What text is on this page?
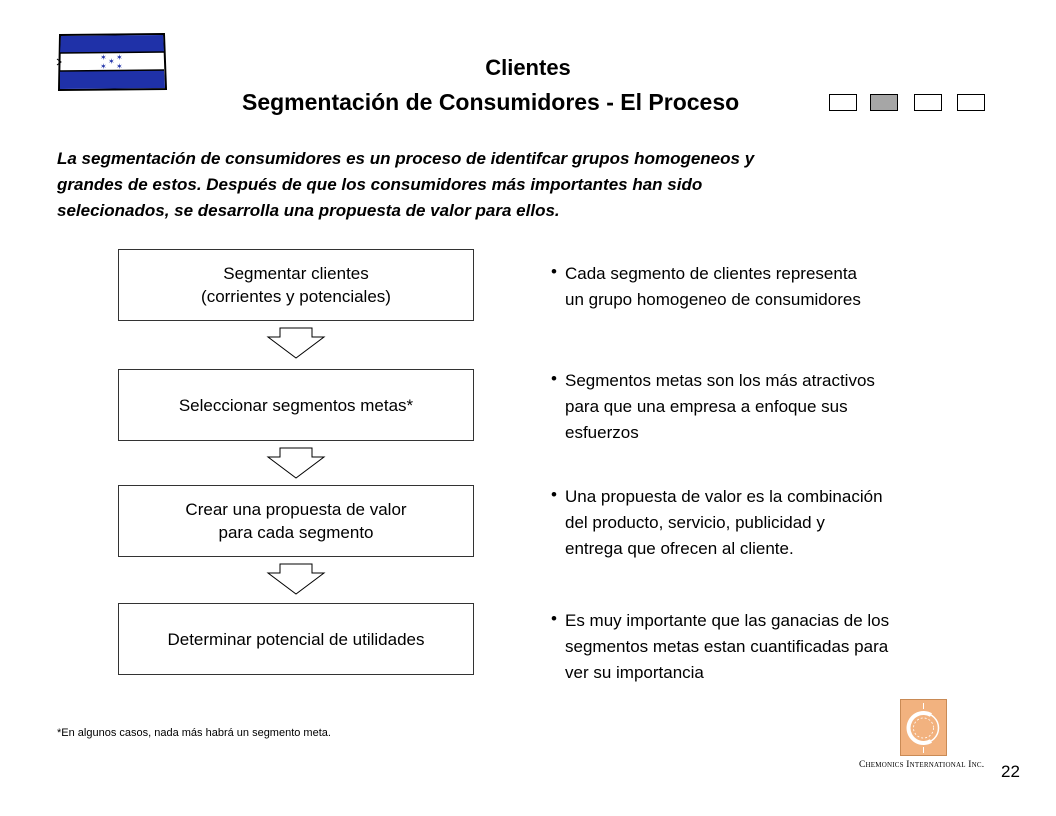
✶ ✶
✶
✶ ✶	Clientes
Segmentación de Consumidores - El Proceso
La segmentación de consumidores es un proceso de identifcar grupos homogeneos y
grandes de estos. Después de que los consumidores más importantes han sido
selecionados, se desarrolla una propuesta de valor para ellos.
Segmentar clientes
(corrientes y potenciales)
Seleccionar segmentos metas*
Crear una propuesta de valor
para cada segmento
Determinar potencial de utilidades
• Cada segmento de clientes representa
un grupo homogeneo de consumidores
• Segmentos metas son los más atractivos
para que una empresa a enfoque sus
esfuerzos
• Una propuesta de valor es la combinación
del producto, servicio, publicidad y
entrega que ofrecen al cliente.
• Es muy importante que las ganacias de los
segmentos metas estan cuantificadas para
ver su importancia
*En algunos casos, nada más habrá un segmento meta.
Chemonics International Inc. 22
